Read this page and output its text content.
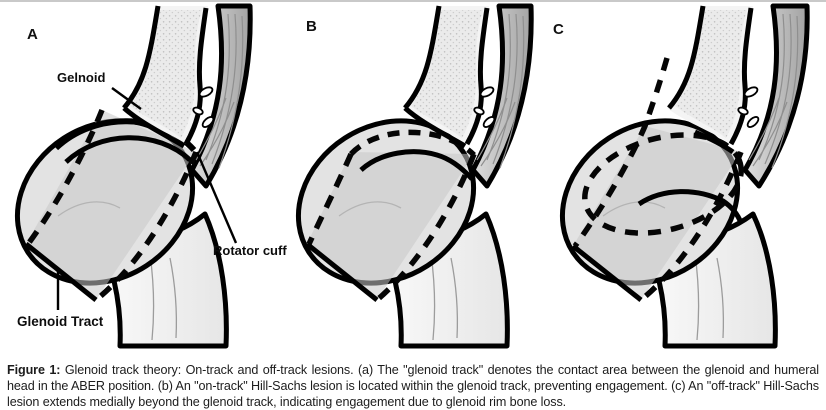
A
Gelnoid
Rotator cuff
Glenoid Tract
B	C

Figure 1: Glenoid track theory: On-track and off-track lesions. (a) The "glenoid track" denotes the contact area between the glenoid and humeral head in the ABER position. (b) An "on-track" Hill-Sachs lesion is located within the glenoid track, preventing engagement. (c) An "off-track" Hill-Sachs lesion extends medially beyond the glenoid track, indicating engagement due to glenoid rim bone loss.
